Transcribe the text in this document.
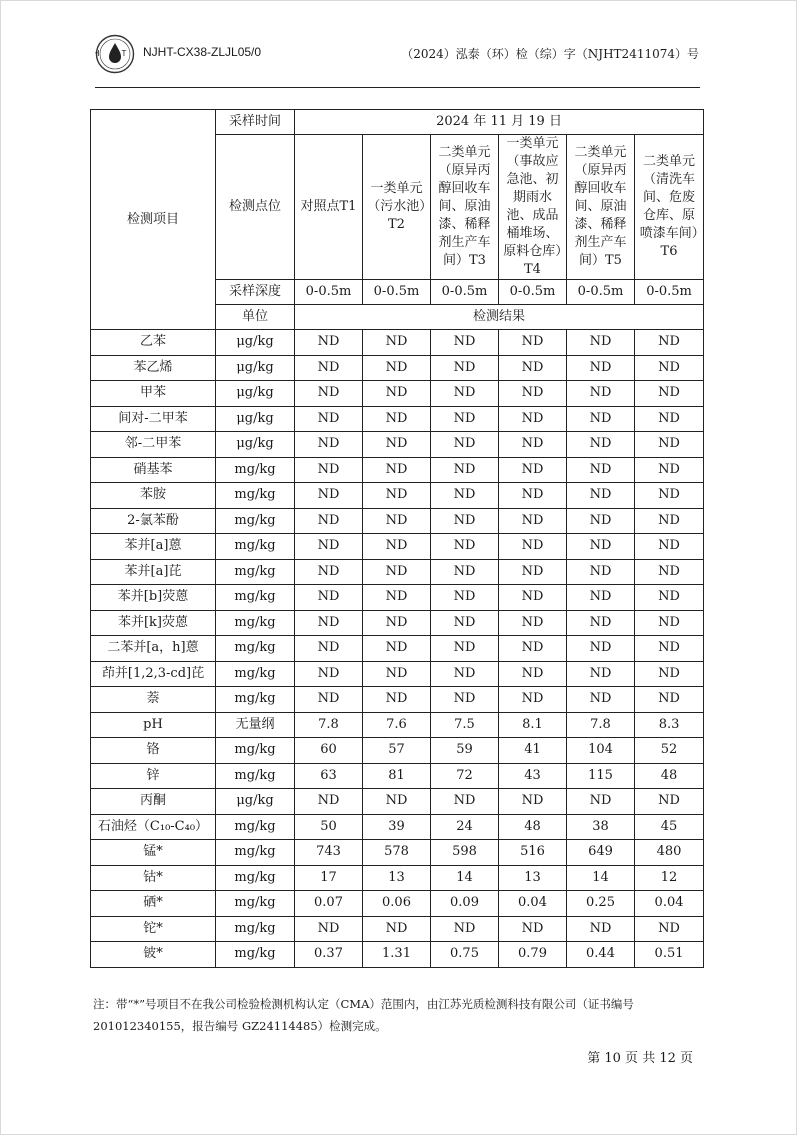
H T NJHT-CX38-ZLJL05/0	（2024）泓泰（环）检（综）字（NJHT2411074）号
检测项目	采样时间	2024 年 11 月 19 日					
	检测点位	对照点T1	一类单元（污水池）T2	二类单元（原异丙醇回收车间、原油漆、稀释剂生产车间）T3	一类单元（事故应急池、初期雨水池、成品桶堆场、原料仓库）T4	二类单元（原异丙醇回收车间、原油漆、稀释剂生产车间）T5	二类单元（清洗车间、危废仓库、原喷漆车间）T6
	采样深度	0-0.5m	0-0.5m	0-0.5m	0-0.5m	0-0.5m	0-0.5m
	单位	检测结果					
乙苯	μg/kg	ND	ND	ND	ND	ND	ND
苯乙烯	μg/kg	ND	ND	ND	ND	ND	ND
甲苯	μg/kg	ND	ND	ND	ND	ND	ND
间对-二甲苯	μg/kg	ND	ND	ND	ND	ND	ND
邻-二甲苯	μg/kg	ND	ND	ND	ND	ND	ND
硝基苯	mg/kg	ND	ND	ND	ND	ND	ND
苯胺	mg/kg	ND	ND	ND	ND	ND	ND
2-氯苯酚	mg/kg	ND	ND	ND	ND	ND	ND
苯并[a]蒽	mg/kg	ND	ND	ND	ND	ND	ND
苯并[a]芘	mg/kg	ND	ND	ND	ND	ND	ND
苯并[b]荧蒽	mg/kg	ND	ND	ND	ND	ND	ND
苯并[k]荧蒽	mg/kg	ND	ND	ND	ND	ND	ND
二苯并[a，h]蒽	mg/kg	ND	ND	ND	ND	ND	ND
茚并[1,2,3-cd]芘	mg/kg	ND	ND	ND	ND	ND	ND
萘	mg/kg	ND	ND	ND	ND	ND	ND
pH	无量纲	7.8	7.6	7.5	8.1	7.8	8.3
铬	mg/kg	60	57	59	41	104	52
锌	mg/kg	63	81	72	43	115	48
丙酮	μg/kg	ND	ND	ND	ND	ND	ND
石油烃（C₁₀-C₄₀）	mg/kg	50	39	24	48	38	45
锰*	mg/kg	743	578	598	516	649	480
钴*	mg/kg	17	13	14	13	14	12
硒*	mg/kg	0.07	0.06	0.09	0.04	0.25	0.04
铊*	mg/kg	ND	ND	ND	ND	ND	ND
铍*	mg/kg	0.37	1.31	0.75	0.79	0.44	0.51
注：带“*”号项目不在我公司检验检测机构认定（CMA）范围内，由江苏光质检测科技有限公司（证书编号201012340155，报告编号 GZ24114485）检测完成。
第 10 页 共 12 页
